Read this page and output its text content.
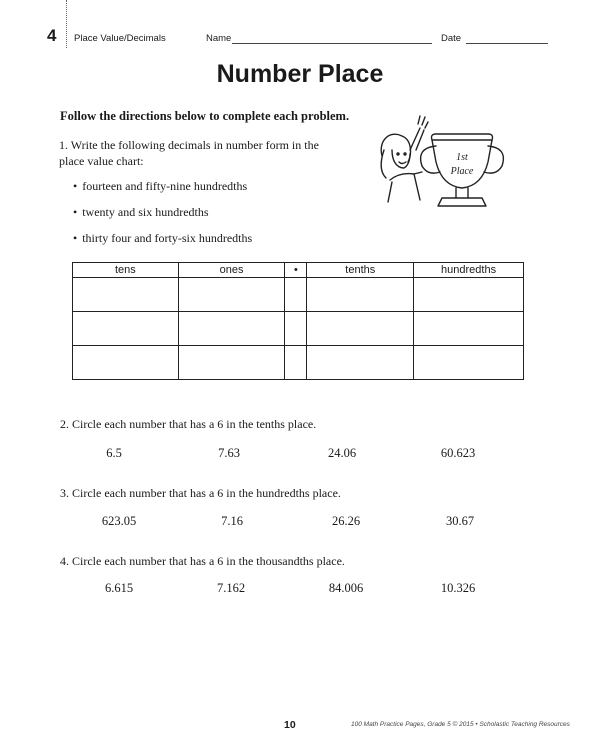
4 Place Value/Decimals	Name	Date
Number Place

Follow the directions below to complete each problem.

1. Write the following decimals in number form in the place value chart:
• fourteen and fifty-nine hundredths
• twenty and six hundredths
• thirty four and forty-six hundredths
1st
Place
tens	ones	•	tenths	hundredths

2. Circle each number that has a 6 in the tenths place.

6.5	7.63	24.06	60.623

3. Circle each number that has a 6 in the hundredths place.

623.05	7.16	26.26	30.67

4. Circle each number that has a 6 in the thousandths place.

6.615	7.162	84.006	10.326
10	100 Math Practice Pages, Grade 5 © 2015 • Scholastic Teaching Resources
